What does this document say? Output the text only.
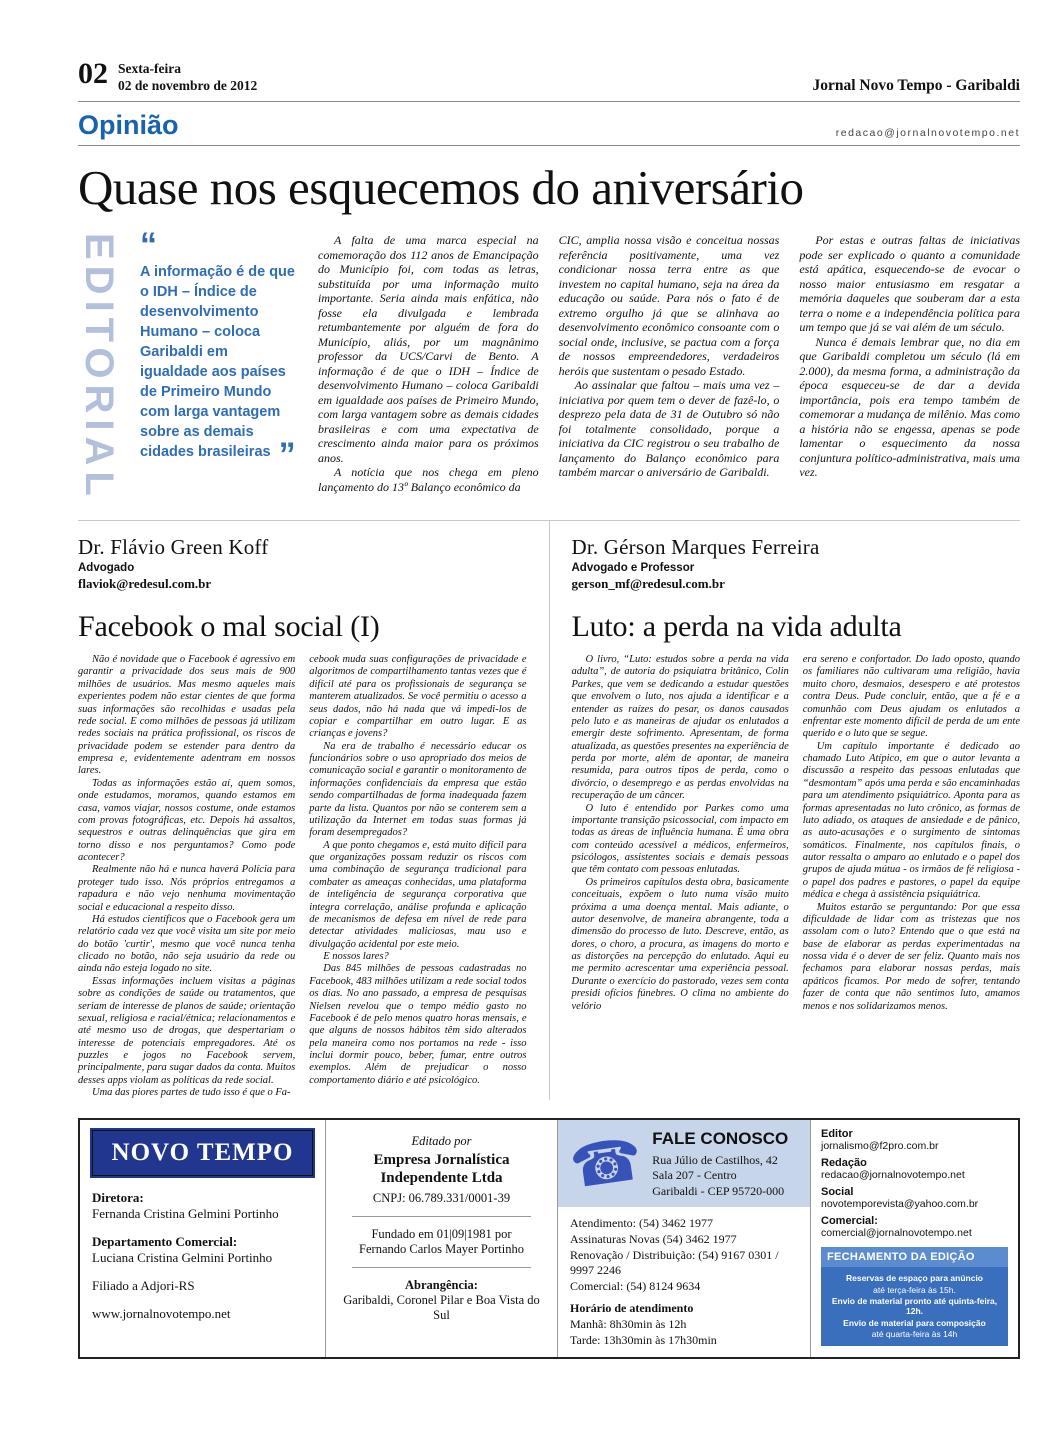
02 Sexta-feira
02 de novembro de 2012	Jornal Novo Tempo - Garibaldi
Opinião	redacao@jornalnovotempo.net
Quase nos esquecemos do aniversário
EDITORIAL “
A informação é de que o IDH – Índice de desenvolvimento Humano – coloca Garibaldi em igualdade aos países de Primeiro Mundo com larga vantagem sobre as demais cidades brasileiras ”

A falta de uma marca especial na comemoração dos 112 anos de Emancipação do Município foi, com todas as letras, substituída por uma informação muito importante. Seria ainda mais enfática, não fosse ela divulgada e lembrada retumbantemente por alguém de fora do Município, aliás, por um magnânimo professor da UCS/Carvi de Bento. A informação é de que o IDH – Índice de desenvolvimento Humano – coloca Garibaldi em igualdade aos países de Primeiro Mundo, com larga vantagem sobre as demais cidades brasileiras e com uma expectativa de crescimento ainda maior para os próximos anos.

A notícia que nos chega em pleno lançamento do 13º Balanço econômico da

CIC, amplia nossa visão e conceitua nossas referência positivamente, uma vez condicionar nossa terra entre as que investem no capital humano, seja na área da educação ou saúde. Para nós o fato é de extremo orgulho já que se alinhava ao desenvolvimento econômico consoante com o social onde, inclusive, se pactua com a força de nossos empreendedores, verdadeiros heróis que sustentam o pesado Estado.

Ao assinalar que faltou – mais uma vez – iniciativa por quem tem o dever de fazê-lo, o desprezo pela data de 31 de Outubro só não foi totalmente consolidado, porque a iniciativa da CIC registrou o seu trabalho de lançamento do Balanço econômico para também marcar o aniversário de Garibaldi.

Por estas e outras faltas de iniciativas pode ser explicado o quanto a comunidade está apática, esquecendo-se de evocar o nosso maior entusiasmo em resgatar a memória daqueles que souberam dar a esta terra o nome e a independência política para um tempo que já se vai além de um século.

Nunca é demais lembrar que, no dia em que Garibaldi completou um século (lá em 2.000), da mesma forma, a administração da época esqueceu-se de dar a devida importância, pois era tempo também de comemorar a mudança de milênio. Mas como a história não se engessa, apenas se pode lamentar o esquecimento da nossa conjuntura político-administrativa, mais uma vez.

Dr. Flávio Green Koff
Advogado
flaviok@redesul.com.br
Facebook o mal social (I)

Não é novidade que o Facebook é agressivo em garantir a privacidade dos seus mais de 900 milhões de usuários. Mas mesmo aqueles mais experientes podem não estar cientes de que forma suas informações são recolhidas e usadas pela rede social. E como milhões de pessoas já utilizam redes sociais na prática profissional, os riscos de privacidade podem se estender para dentro da empresa e, evidentemente adentram em nossos lares.

Todas as informações estão aí, quem somos, onde estudamos, moramos, quando estamos em casa, vamos viajar, nossos costume, onde estamos com provas fotográficas, etc. Depois há assaltos, sequestros e outras delinquências que gira em torno disso e nos perguntamos? Como pode acontecer?

Realmente não há e nunca haverá Polícia para proteger tudo isso. Nós próprios entregamos a rapadura e não vejo nenhuma movimentação social e educacional a respeito disso.

Há estudos científicos que o Facebook gera um relatório cada vez que você visita um site por meio do botão 'curtir', mesmo que você nunca tenha clicado no botão, não seja usuário da rede ou ainda não esteja logado no site.

Essas informações incluem visitas a páginas sobre as condições de saúde ou tratamentos, que seriam de interesse de planos de saúde; orientação sexual, religiosa e racial/étnica; relacionamentos e até mesmo uso de drogas, que despertariam o interesse de potenciais empregadores. Até os puzzles e jogos no Facebook servem, principalmente, para sugar dados da conta. Muitos desses apps violam as políticas da rede social.

Uma das piores partes de tudo isso é que o Fa-

cebook muda suas configurações de privacidade e algoritmos de compartilhamento tantas vezes que é difícil até para os profissionais de segurança se manterem atualizados. Se você permitiu o acesso a seus dados, não há nada que vá impedi-los de copiar e compartilhar em outro lugar. E as crianças e jovens?

Na era de trabalho é necessário educar os funcionários sobre o uso apropriado dos meios de comunicação social e garantir o monitoramento de informações confidenciais da empresa que estão sendo compartilhadas de forma inadequada fazem parte da lista. Quantos por não se conterem sem a utilização da Internet em todas suas formas já foram desempregados?

A que ponto chegamos e, está muito difícil para que organizações possam reduzir os riscos com uma combinação de segurança tradicional para combater as ameaças conhecidas, uma plataforma de inteligência de segurança corporativa que integra correlação, análise profunda e aplicação de mecanismos de defesa em nível de rede para detectar atividades maliciosas, mau uso e divulgação acidental por este meio.

E nossos lares?

Das 845 milhões de pessoas cadastradas no Facebook, 483 milhões utilizam a rede social todos os dias. No ano passado, a empresa de pesquisas Nielsen revelou que o tempo médio gasto no Facebook é de pelo menos quatro horas mensais, e que alguns de nossos hábitos têm sido alterados pela maneira como nos portamos na rede - isso inclui dormir pouco, beber, fumar, entre outros exemplos. Além de prejudicar o nosso comportamento diário e até psicológico.

Dr. Gérson Marques Ferreira
Advogado e Professor
gerson_mf@redesul.com.br
Luto: a perda na vida adulta

O livro, “Luto: estudos sobre a perda na vida adulta”, de autoria do psiquiatra britânico, Colin Parkes, que vem se dedicando a estudar questões que envolvem o luto, nos ajuda a identificar e a entender as raízes do pesar, os danos causados pelo luto e as maneiras de ajudar os enlutados a emergir deste sofrimento. Apresentam, de forma atualizada, as questões presentes na experiência de perda por morte, além de apontar, de maneira resumida, para outros tipos de perda, como o divórcio, o desemprego e as perdas envolvidas na recuperação de um câncer.

O luto é entendido por Parkes como uma importante transição psicossocial, com impacto em todas as áreas de influência humana. É uma obra com conteúdo acessível a médicos, enfermeiros, psicólogos, assistentes sociais e demais pessoas que têm contato com pessoas enlutadas.

Os primeiros capítulos desta obra, basicamente conceituais, expõem o luto numa visão muito próxima a uma doença mental. Mais adiante, o autor desenvolve, de maneira abrangente, toda a dimensão do processo de luto. Descreve, então, as dores, o choro, a procura, as imagens do morto e as distorções na percepção do enlutado. Aqui eu me permito acrescentar uma experiência pessoal. Durante o exercício do pastorado, vezes sem conta presidi ofícios fúnebres. O clima no ambiente do velório

era sereno e confortador. Do lado oposto, quando os familiares não cultivaram uma religião, havia muito choro, desmaios, desespero e até protestos contra Deus. Pude concluir, então, que a fé e a comunhão com Deus ajudam os enlutados a enfrentar este momento difícil de perda de um ente querido e o luto que se segue.

Um capítulo importante é dedicado ao chamado Luto Atípico, em que o autor levanta a discussão a respeito das pessoas enlutadas que “desmontam” após uma perda e são encaminhadas para um atendimento psiquiátrico. Aponta para as formas apresentadas no luto crônico, as formas de luto adiado, os ataques de ansiedade e de pânico, as auto-acusações e o surgimento de sintomas somáticos. Finalmente, nos capítulos finais, o autor ressalta o amparo ao enlutado e o papel dos grupos de ajuda mútua - os irmãos de fé religiosa - o papel dos padres e pastores, o papel da equipe médica e chega à assistência psiquiátrica.

Muitos estarão se perguntando: Por que essa dificuldade de lidar com as tristezas que nos assolam com o luto? Entendo que o que está na base de elaborar as perdas experimentadas na nossa vida é o dever de ser feliz. Quanto mais nos fechamos para elaborar nossas perdas, mais apáticos ficamos. Por medo de sofrer, tentando fazer de conta que não sentimos luto, amamos menos e nos solidarizamos menos.

NOVO TEMPO
Diretora:
Fernanda Cristina Gelmini Portinho
Departamento Comercial:
Luciana Cristina Gelmini Portinho
Filiado a Adjori-RS
www.jornalnovotempo.net
Editado por
Empresa Jornalística Independente Ltda
CNPJ: 06.789.331/0001-39
Fundado em 01|09|1981 por
Fernando Carlos Mayer Portinho
Abrangência:
Garibaldi, Coronel Pilar e Boa Vista do Sul
☎ FALE CONOSCO
Rua Júlio de Castilhos, 42
Sala 207 - Centro
Garibaldi - CEP 95720-000

Atendimento: (54) 3462 1977

Assinaturas Novas (54) 3462 1977

Renovação / Distribuição: (54) 9167 0301 / 9997 2246

Comercial: (54) 8124 9634

Horário de atendimento

Manhã: 8h30min às 12h

Tarde: 13h30min às 17h30min

Editor
jornalismo@f2pro.com.br
Redação
redacao@jornalnovotempo.net
Social
novotemporevista@yahoo.com.br
Comercial:
comercial@jornalnovotempo.net
FECHAMENTO DA EDIÇÃO

Reservas de espaço para anúncio

até terça-feira às 15h.

Envio de material pronto até quinta-feira, 12h.

Envio de material para composição

até quarta-feira às 14h
